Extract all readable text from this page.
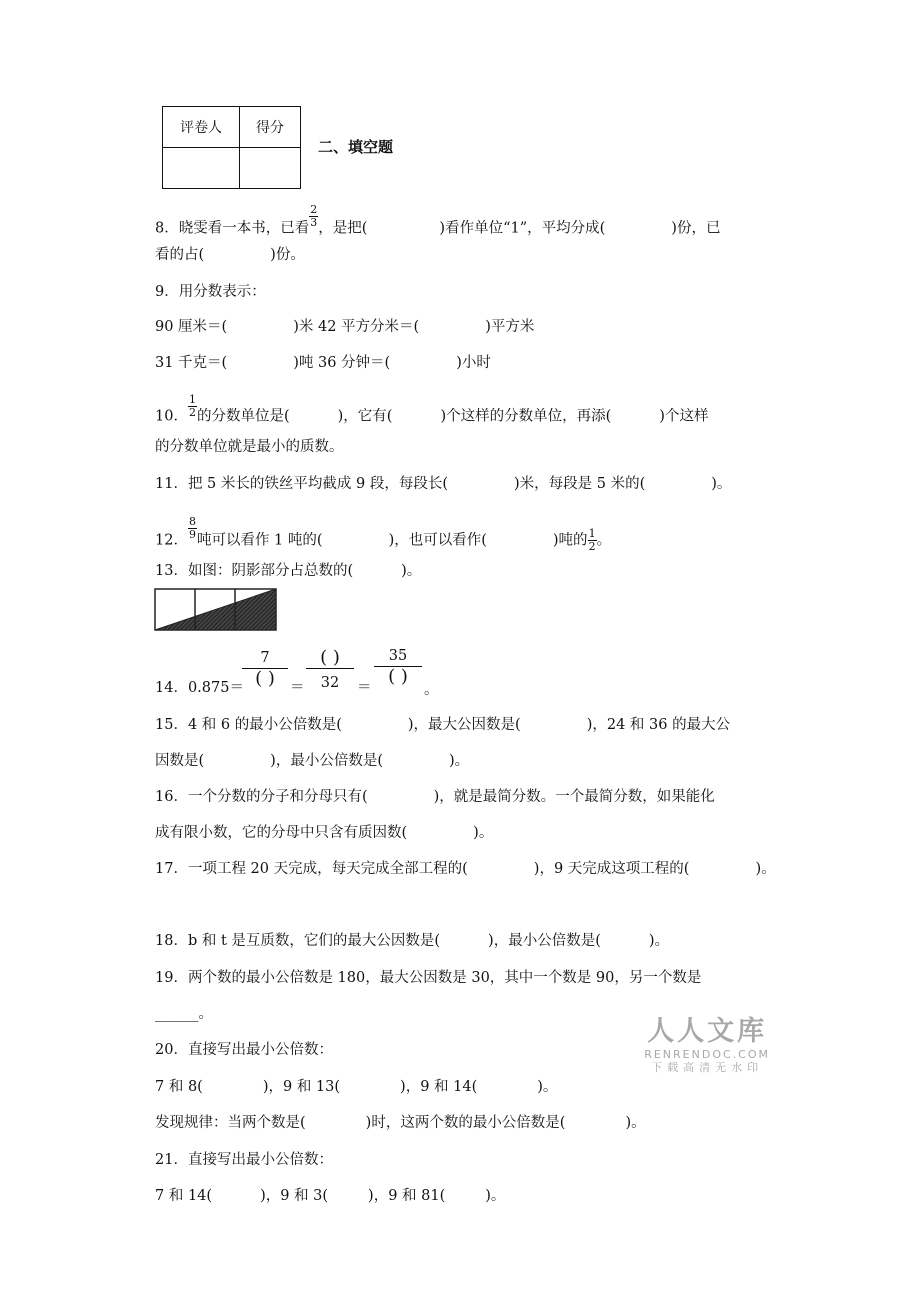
评卷人	得分

二、填空题
8．晓雯看一本书，已看 $\frac{2}{3}$ ，是把(	)看作单位“1”，平均分成(	)份，已
看的占(	)份。
9．用分数表示：
90 厘米＝(	)米 42 平方分米＝(	)平方米
31 千克＝(	)吨 36 分钟＝(	)小时
10． $\frac{1}{2}$ 的分数单位是(	)，它有(	)个这样的分数单位，再添(	)个这样
的分数单位就是最小的质数。
11．把 5 米长的铁丝平均截成 9 段，每段长(	)米，每段是 5 米的(	)。
12． $\frac{8}{9}$ 吨可以看作 1 吨的(	)，也可以看作(	)吨的 $\frac{1}{2}$ 。
13．如图：阴影部分占总数的(	)。
14．0.875＝
7
( )	＝
( )
32	＝
35
( )
。
15．4 和 6 的最小公倍数是(	)，最大公因数是(	)，24 和 36 的最大公
因数是(	)，最小公倍数是(	)。
16．一个分数的分子和分母只有(	)，就是最简分数。一个最简分数，如果能化
成有限小数，它的分母中只含有质因数(	)。
17．一项工程 20 天完成，每天完成全部工程的(	)，9 天完成这项工程的(	)。
18．b 和 t 是互质数，它们的最大公因数是(	)，最小公倍数是(	)。
19．两个数的最小公倍数是 180，最大公因数是 30，其中一个数是 90，另一个数是
______。
20．直接写出最小公倍数：
7 和 8(	)，9 和 13(	)，9 和 14(	)。
发现规律：当两个数是(	)时，这两个数的最小公倍数是(	)。
21．直接写出最小公倍数：
7 和 14(	)，9 和 3(	)，9 和 81(	)。
人人文库
RENRENDOC.COM
下载高清无水印
